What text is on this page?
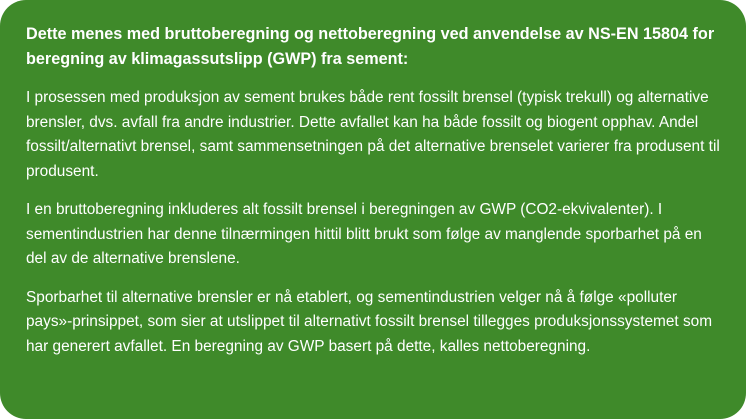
Dette menes med bruttoberegning og nettoberegning ved anvendelse av NS-EN 15804 for beregning av klimagassutslipp (GWP) fra sement:

I prosessen med produksjon av sement brukes både rent fossilt brensel (typisk trekull) og alternative brensler, dvs. avfall fra andre industrier. Dette avfallet kan ha både fossilt og biogent opphav. Andel fossilt/alternativt brensel, samt sammensetningen på det alternative brenselet varierer fra produsent til produsent.

I en bruttoberegning inkluderes alt fossilt brensel i beregningen av GWP (CO2-ekvivalenter). I sementindustrien har denne tilnærmingen hittil blitt brukt som følge av manglende sporbarhet på en del av de alternative brenslene.

Sporbarhet til alternative brensler er nå etablert, og sementindustrien velger nå å følge «polluter pays»-prinsippet, som sier at utslippet til alternativt fossilt brensel tillegges produksjonssystemet som har generert avfallet. En beregning av GWP basert på dette, kalles nettoberegning.
